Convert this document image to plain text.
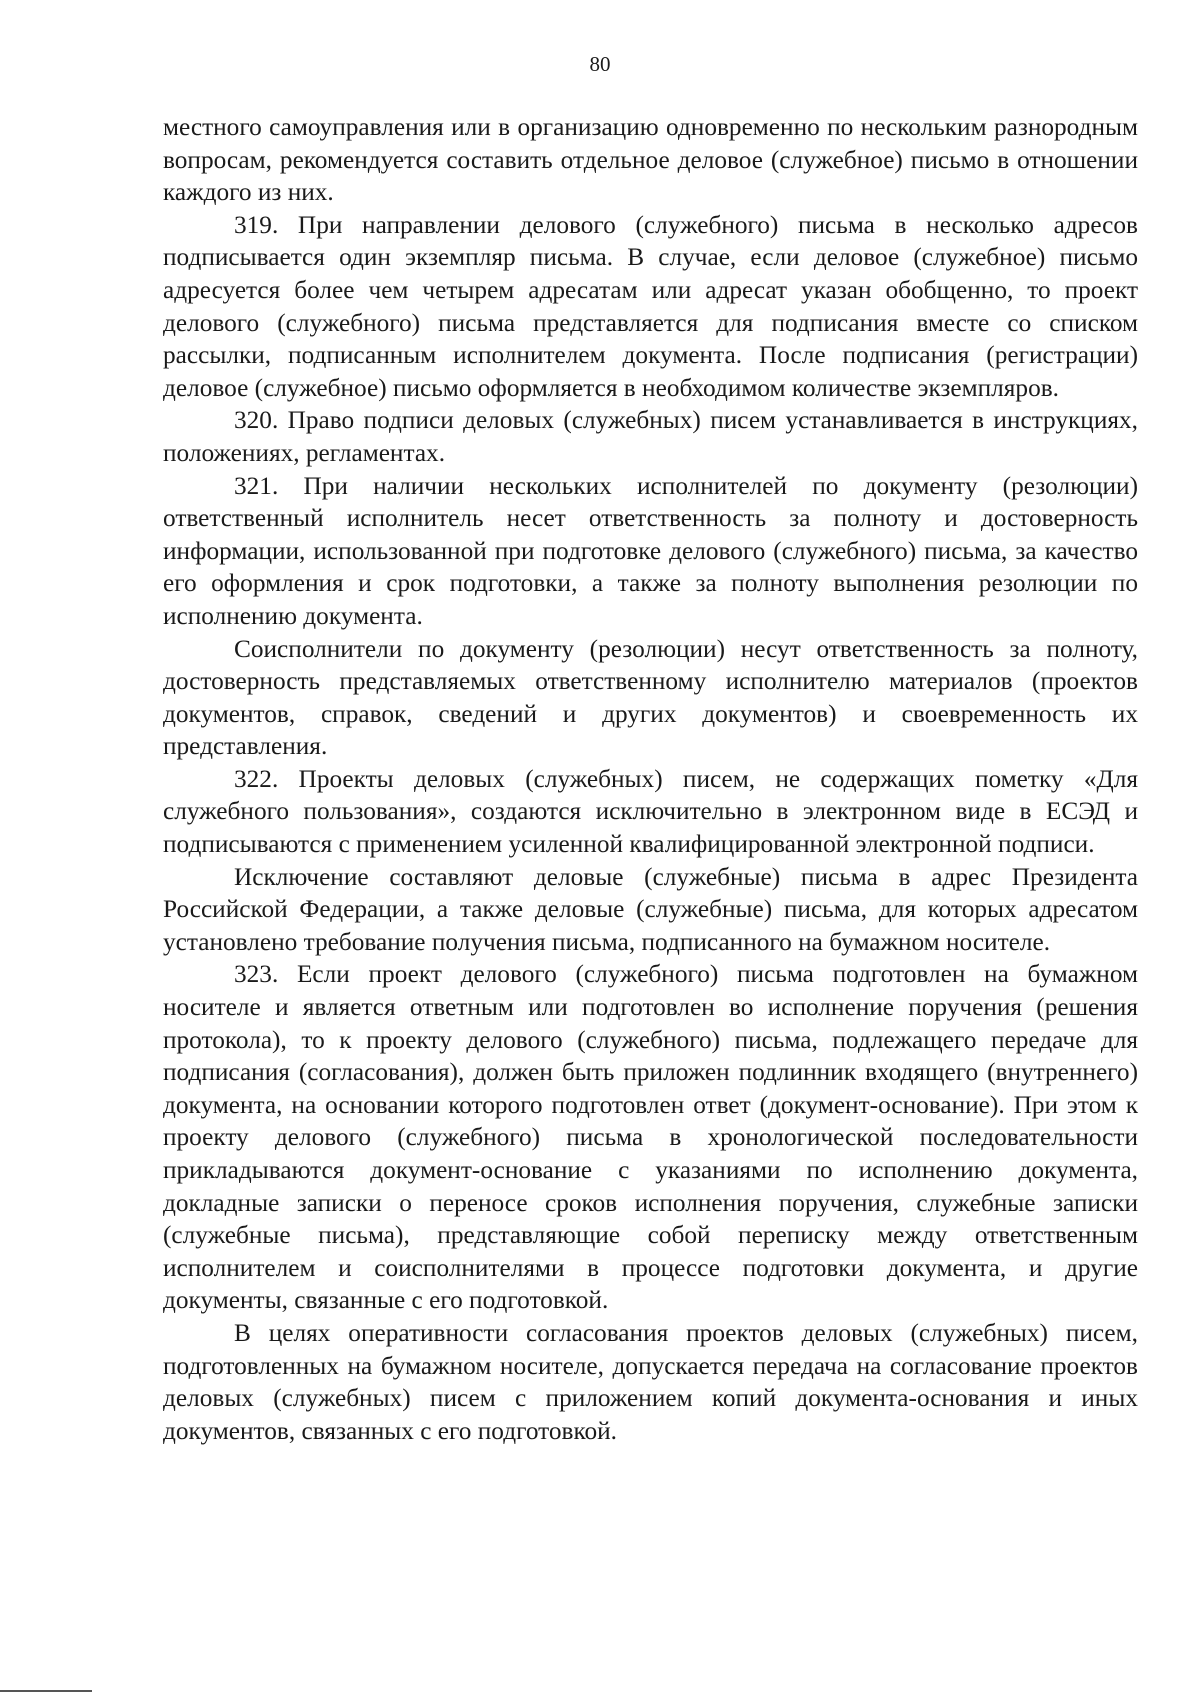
80

местного самоуправления или в организацию одновременно по нескольким разнородным вопросам, рекомендуется составить отдельное деловое (служебное) письмо в отношении каждого из них.

319. При направлении делового (служебного) письма в несколько адресов подписывается один экземпляр письма. В случае, если деловое (служебное) письмо адресуется более чем четырем адресатам или адресат указан обобщенно, то проект делового (служебного) письма представляется для подписания вместе со списком рассылки, подписанным исполнителем документа. После подписания (регистрации) деловое (служебное) письмо оформляется в необходимом количестве экземпляров.

320. Право подписи деловых (служебных) писем устанавливается в инструкциях, положениях, регламентах.

321. При наличии нескольких исполнителей по документу (резолюции) ответственный исполнитель несет ответственность за полноту и достоверность информации, использованной при подготовке делового (служебного) письма, за качество его оформления и срок подготовки, а также за полноту выполнения резолюции по исполнению документа.

Соисполнители по документу (резолюции) несут ответственность за полноту, достоверность представляемых ответственному исполнителю материалов (проектов документов, справок, сведений и других документов) и своевременность их представления.

322. Проекты деловых (служебных) писем, не содержащих пометку «Для служебного пользования», создаются исключительно в электронном виде в ЕСЭД и подписываются с применением усиленной квалифицированной электронной подписи.

Исключение составляют деловые (служебные) письма в адрес Президента Российской Федерации, а также деловые (служебные) письма, для которых адресатом установлено требование получения письма, подписанного на бумажном носителе.

323. Если проект делового (служебного) письма подготовлен на бумажном носителе и является ответным или подготовлен во исполнение поручения (решения протокола), то к проекту делового (служебного) письма, подлежащего передаче для подписания (согласования), должен быть приложен подлинник входящего (внутреннего) документа, на основании которого подготовлен ответ (документ-основание). При этом к проекту делового (служебного) письма в хронологической последовательности прикладываются документ-основание с указаниями по исполнению документа, докладные записки о переносе сроков исполнения поручения, служебные записки (служебные письма), представляющие собой переписку между ответственным исполнителем и соисполнителями в процессе подготовки документа, и другие документы, связанные с его подготовкой.

В целях оперативности согласования проектов деловых (служебных) писем, подготовленных на бумажном носителе, допускается передача на согласование проектов деловых (служебных) писем с приложением копий документа-основания и иных документов, связанных с его подготовкой.
